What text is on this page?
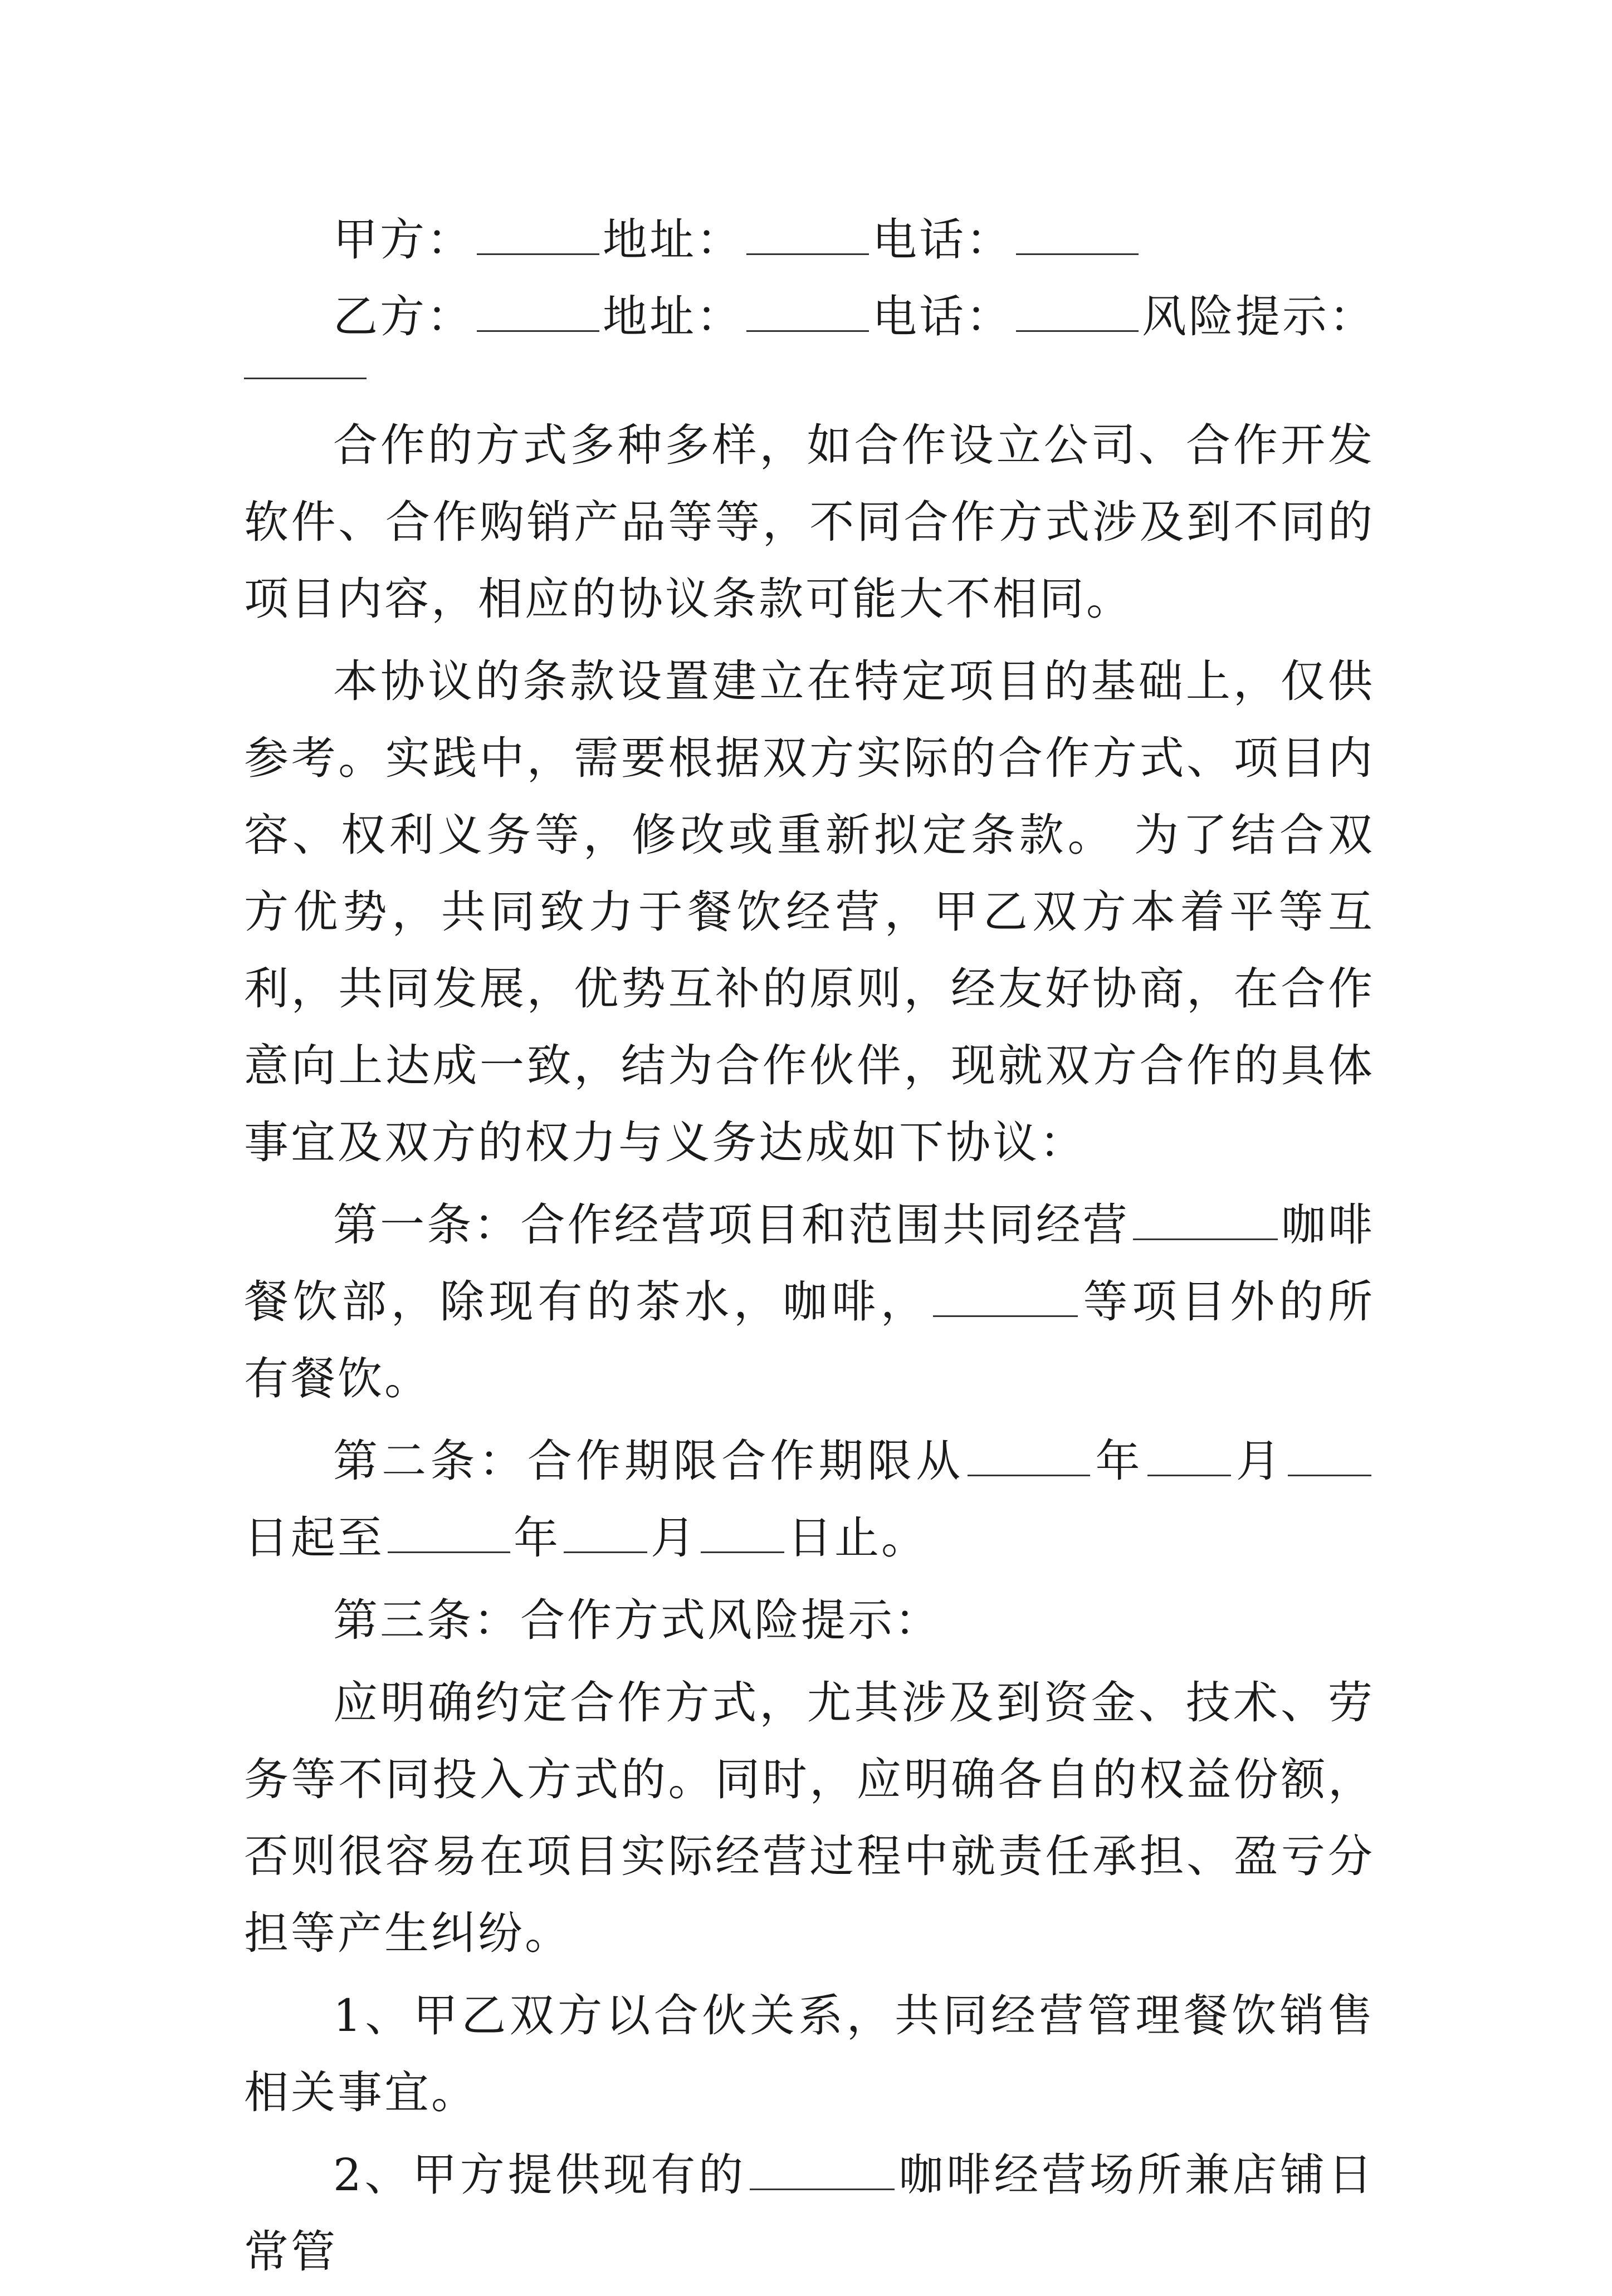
甲方：	地址：	电话：

乙方：	地址：	电话：	风险提示：

合作的方式多种多样，如合作设立公司、合作开发软件、合作购销产品等等，不同合作方式涉及到不同的项目内容，相应的协议条款可能大不相同。

本协议的条款设置建立在特定项目的基础上，仅供参考。实践中，需要根据双方实际的合作方式、项目内容、权利义务等，修改或重新拟定条款。 为了结合双方优势，共同致力于餐饮经营，甲乙双方本着平等互利，共同发展，优势互补的原则，经友好协商，在合作意向上达成一致，结为合作伙伴，现就双方合作的具体事宜及双方的权力与义务达成如下协议：

第一条：合作经营项目和范围共同经营	咖啡餐饮部，除现有的茶水，咖啡，	等项目外的所有餐饮。

第二条：合作期限合作期限从	年 月日起至	年 月 日止。

第三条：合作方式风险提示：

应明确约定合作方式，尤其涉及到资金、技术、劳务等不同投入方式的。同时，应明确各自的权益份额，否则很容易在项目实际经营过程中就责任承担、盈亏分担等产生纠纷。

1、甲乙双方以合伙关系，共同经营管理餐饮销售相关事宜。

2、甲方提供现有的	咖啡经营场所兼店铺日常管
